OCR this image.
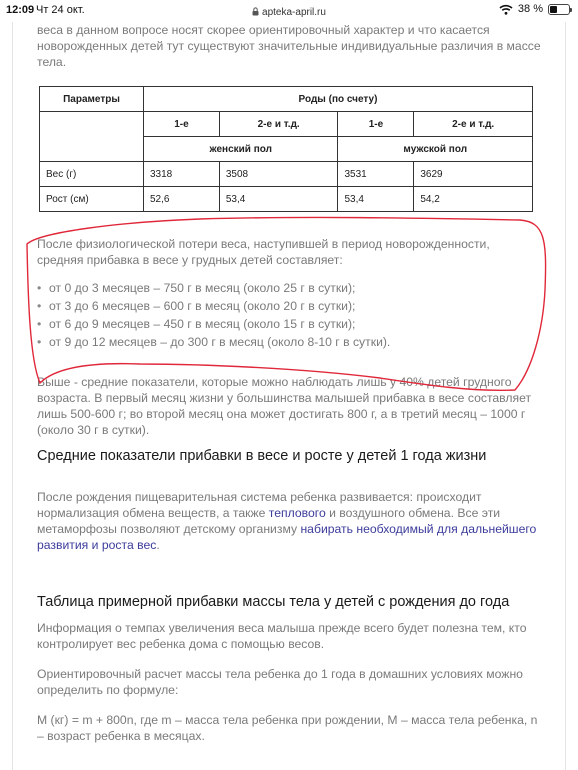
12:09 Чт 24 окт.	apteka-april.ru	38 %

веса в данном вопросе носят скорее ориентировочный характер и что касается новорожденных детей тут существуют значительные индивидуальные различия в массе тела.

Параметры	Роды (по счету)			
	1-е	2-е и т.д.	1-е	2-е и т.д.
	женский пол		мужской пол	
Вес (г)	3318	3508	3531	3629
Рост (см)	52,6	53,4	53,4	54,2

После физиологической потери веса, наступившей в период новорожденности, средняя прибавка в весе у грудных детей составляет:

• от 0 до 3 месяцев – 750 г в месяц (около 25 г в сутки);
• от 3 до 6 месяцев – 600 г в месяц (около 20 г в сутки);
• от 6 до 9 месяцев – 450 г в месяц (около 15 г в сутки);
• от 9 до 12 месяцев – до 300 г в месяц (около 8-10 г в сутки).

Выше - средние показатели, которые можно наблюдать лишь у 40% детей грудного возраста. В первый месяц жизни у большинства малышей прибавка в весе составляет лишь 500-600 г; во второй месяц она может достигать 800 г, а в третий месяц – 1000 г (около 30 г в сутки).

Средние показатели прибавки в весе и росте у детей 1 года жизни

После рождения пищеварительная система ребенка развивается: происходит нормализация обмена веществ, а также теплового и воздушного обмена. Все эти метаморфозы позволяют детскому организму набирать необходимый для дальнейшего развития и роста вес.

Таблица примерной прибавки массы тела у детей с рождения до года

Информация о темпах увеличения веса малыша прежде всего будет полезна тем, кто контролирует вес ребенка дома с помощью весов.

Ориентировочный расчет массы тела ребенка до 1 года в домашних условиях можно определить по формуле:

М (кг) = m + 800n, где m – масса тела ребенка при рождении, М – масса тела ребенка, n – возраст ребенка в месяцах.
